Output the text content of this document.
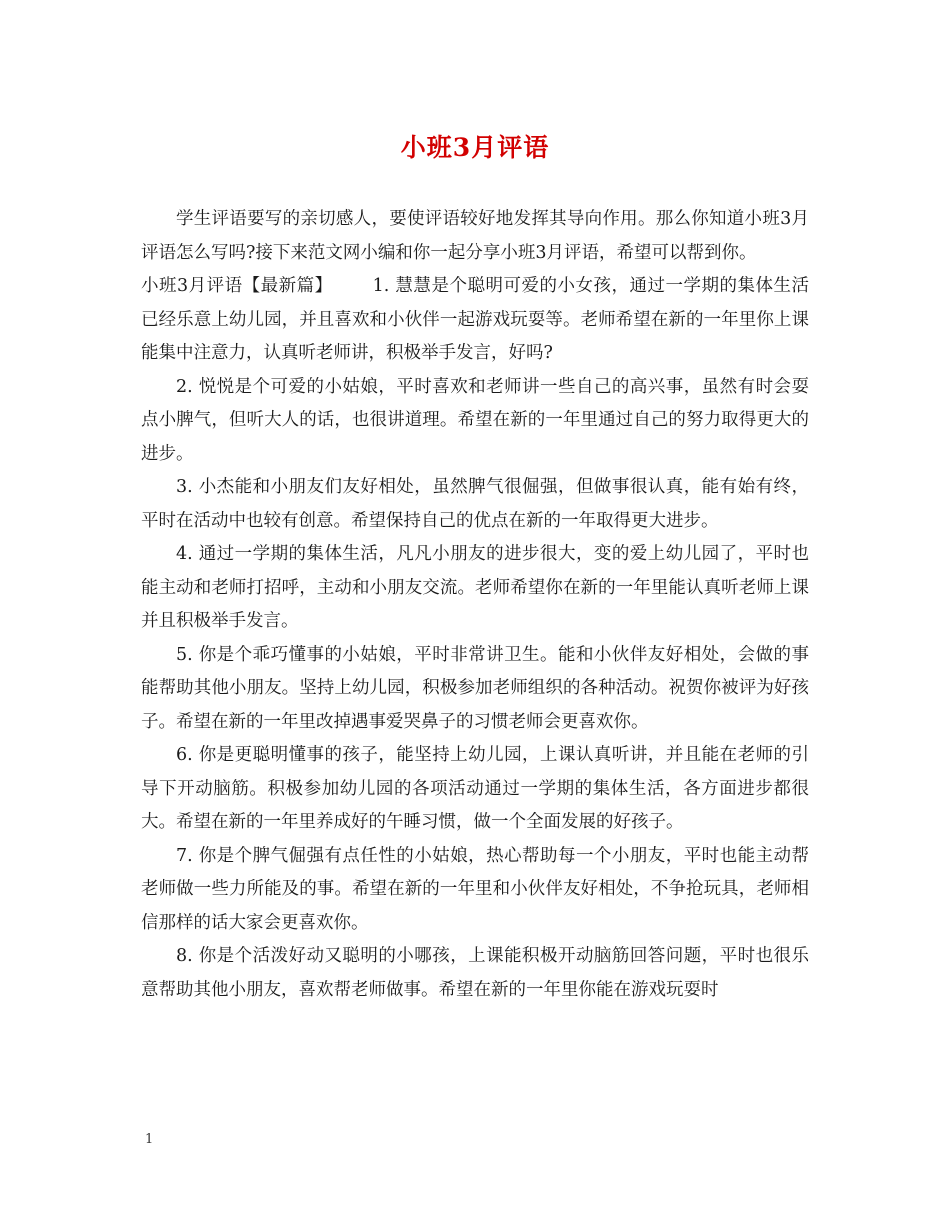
小班3月评语

学生评语要写的亲切感人，要使评语较好地发挥其导向作用。那么你知道小班3月评语怎么写吗?接下来范文网小编和你一起分享小班3月评语，希望可以帮到你。

小班3月评语【最新篇】 1. 慧慧是个聪明可爱的小女孩，通过一学期的集体生活已经乐意上幼儿园，并且喜欢和小伙伴一起游戏玩耍等。老师希望在新的一年里你上课能集中注意力，认真听老师讲，积极举手发言，好吗?

2. 悦悦是个可爱的小姑娘，平时喜欢和老师讲一些自己的高兴事，虽然有时会耍点小脾气，但听大人的话，也很讲道理。希望在新的一年里通过自己的努力取得更大的进步。

3. 小杰能和小朋友们友好相处，虽然脾气很倔强，但做事很认真，能有始有终，平时在活动中也较有创意。希望保持自己的优点在新的一年取得更大进步。

4. 通过一学期的集体生活，凡凡小朋友的进步很大，变的爱上幼儿园了，平时也能主动和老师打招呼，主动和小朋友交流。老师希望你在新的一年里能认真听老师上课并且积极举手发言。

5. 你是个乖巧懂事的小姑娘，平时非常讲卫生。能和小伙伴友好相处，会做的事能帮助其他小朋友。坚持上幼儿园，积极参加老师组织的各种活动。祝贺你被评为好孩子。希望在新的一年里改掉遇事爱哭鼻子的习惯老师会更喜欢你。

6. 你是更聪明懂事的孩子，能坚持上幼儿园，上课认真听讲，并且能在老师的引导下开动脑筋。积极参加幼儿园的各项活动通过一学期的集体生活，各方面进步都很大。希望在新的一年里养成好的午睡习惯，做一个全面发展的好孩子。

7. 你是个脾气倔强有点任性的小姑娘，热心帮助每一个小朋友，平时也能主动帮老师做一些力所能及的事。希望在新的一年里和小伙伴友好相处，不争抢玩具，老师相信那样的话大家会更喜欢你。

8. 你是个活泼好动又聪明的小哪孩，上课能积极开动脑筋回答问题，平时也很乐意帮助其他小朋友，喜欢帮老师做事。希望在新的一年里你能在游戏玩耍时

1
